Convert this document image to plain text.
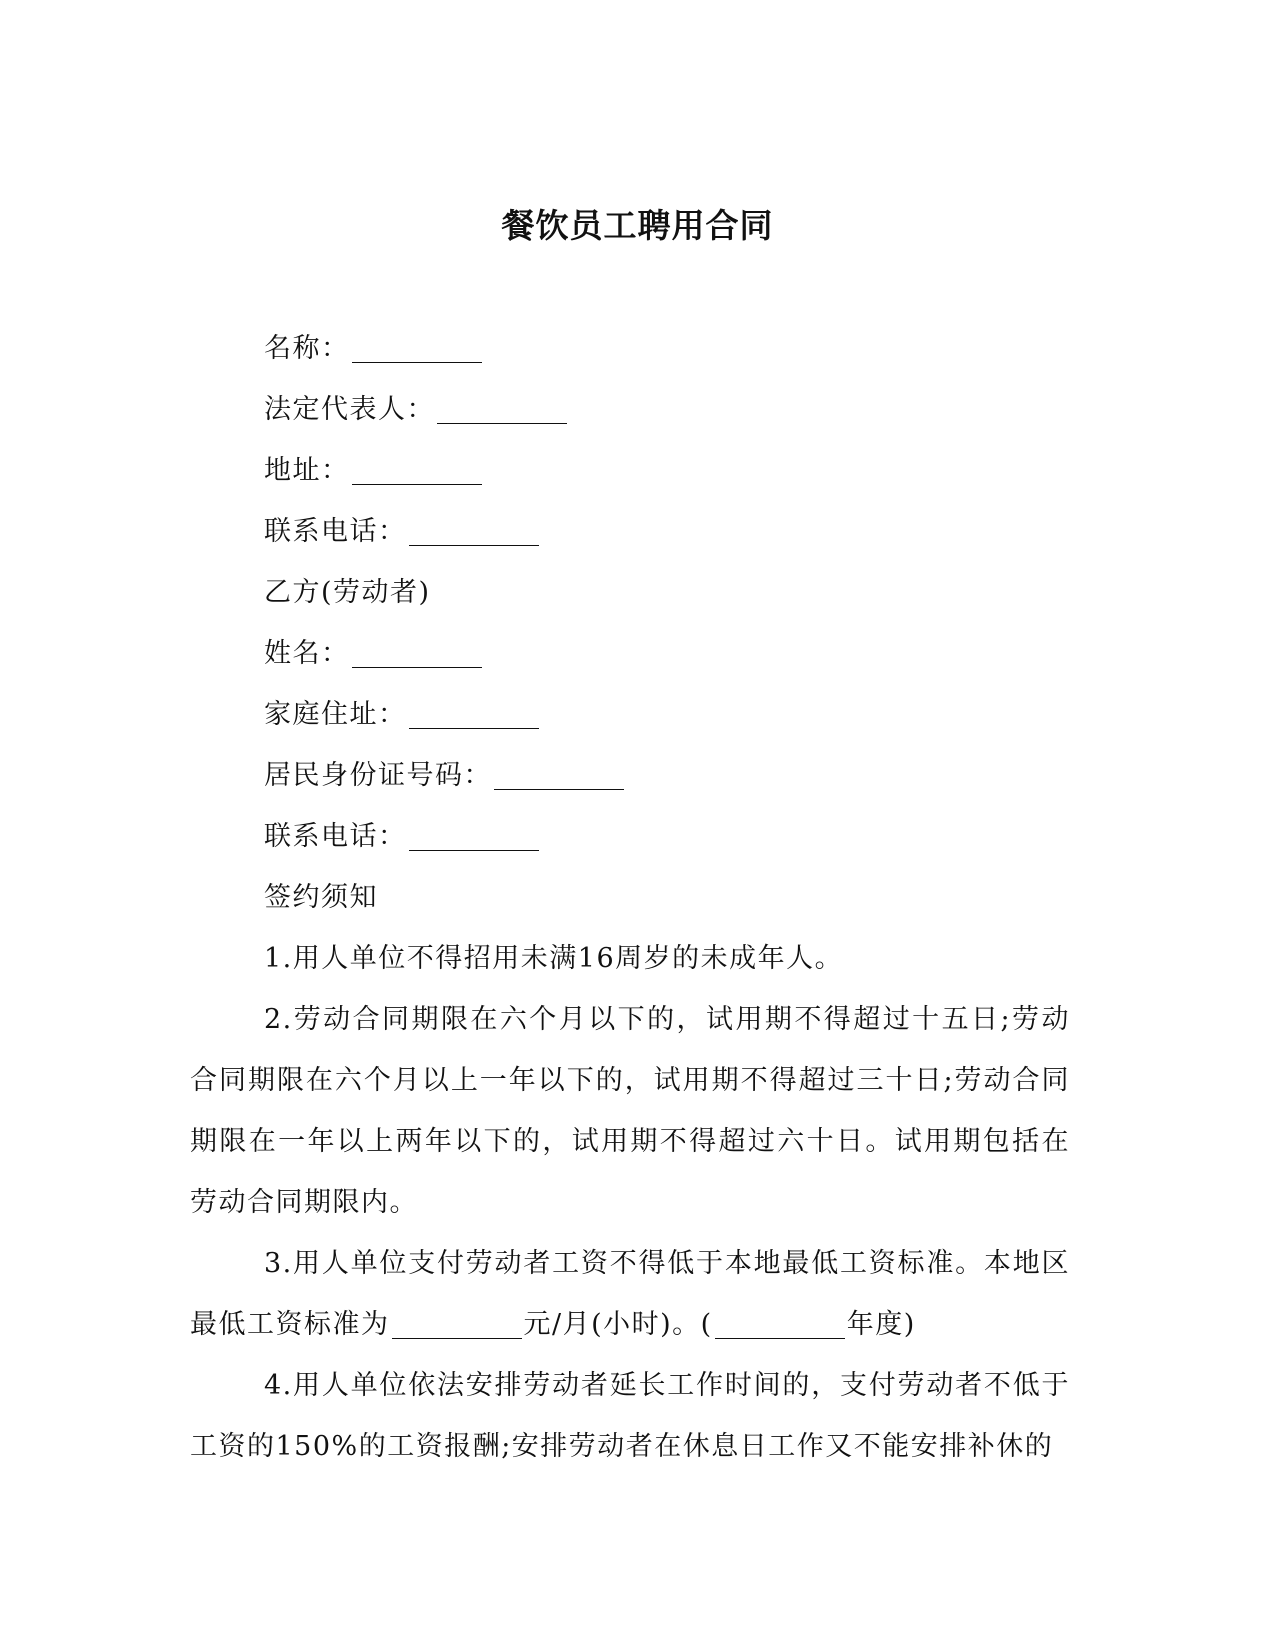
餐饮员工聘用合同
名称：
法定代表人：
地址：
联系电话：
乙方(劳动者)
姓名：
家庭住址：
居民身份证号码：
联系电话：
签约须知
1.用人单位不得招用未满16周岁的未成年人。
2.劳动合同期限在六个月以下的，试用期不得超过十五日;劳动合同期限在六个月以上一年以下的，试用期不得超过三十日;劳动合同期限在一年以上两年以下的，试用期不得超过六十日。试用期包括在劳动合同期限内。
3.用人单位支付劳动者工资不得低于本地最低工资标准。本地区最低工资标准为	元/月(小时)。(	年度)
4.用人单位依法安排劳动者延长工作时间的，支付劳动者不低于工资的150%的工资报酬;安排劳动者在休息日工作又不能安排补休的
